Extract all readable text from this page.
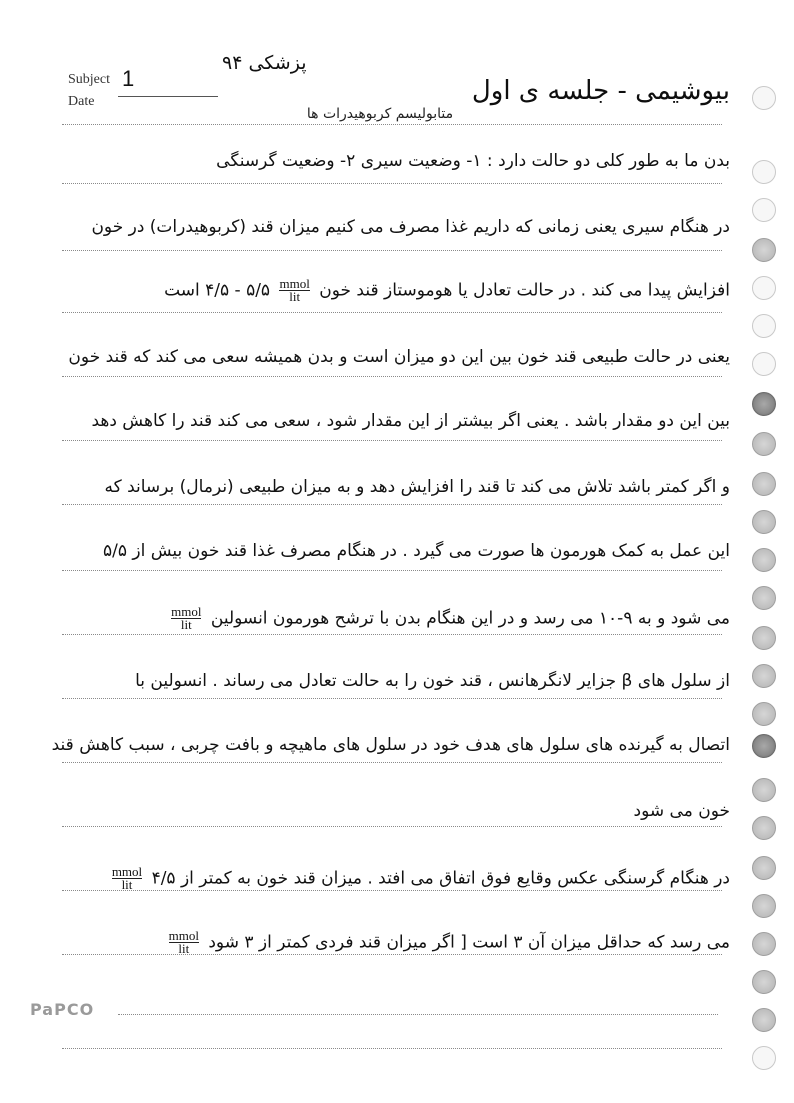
Subject 1
Date
پزشکی ۹۴
بیوشیمی - جلسه ی اول
متابولیسم کربوهیدرات ها
بدن ما به طور کلی دو حالت دارد : ۱- وضعیت سیری ۲- وضعیت گرسنگی
در هنگام سیری یعنی زمانی که داریم غذا مصرف می کنیم میزان قند (کربوهیدرات) در خون
افزایش پیدا می کند . در حالت تعادل یا هوموستاز قند خون mmol
lit
۴/۵ - ۵/۵ است
یعنی در حالت طبیعی قند خون بین این دو میزان است و بدن همیشه سعی می کند که قند خون
بین این دو مقدار باشد . یعنی اگر بیشتر از این مقدار شود ، سعی می کند قند را کاهش دهد
و اگر کمتر باشد تلاش می کند تا قند را افزایش دهد و به میزان طبیعی (نرمال) برساند که
این عمل به کمک هورمون ها صورت می گیرد . در هنگام مصرف غذا قند خون بیش از ۵/۵
می شود و به ۹-۱۰ می رسد و در این هنگام بدن با ترشح هورمون انسولین mmol
lit
از سلول های β جزایر لانگرهانس ، قند خون را به حالت تعادل می رساند . انسولین با
اتصال به گیرنده های سلول های هدف خود در سلول های ماهیچه و بافت چربی ، سبب کاهش قند
خون می شود
در هنگام گرسنگی عکس وقایع فوق اتفاق می افتد . میزان قند خون به کمتر از ۴/۵ mmol
lit
می رسد که حداقل میزان آن ۳ است [ اگر میزان قند فردی کمتر از ۳ شود mmol
lit
PaPCO
